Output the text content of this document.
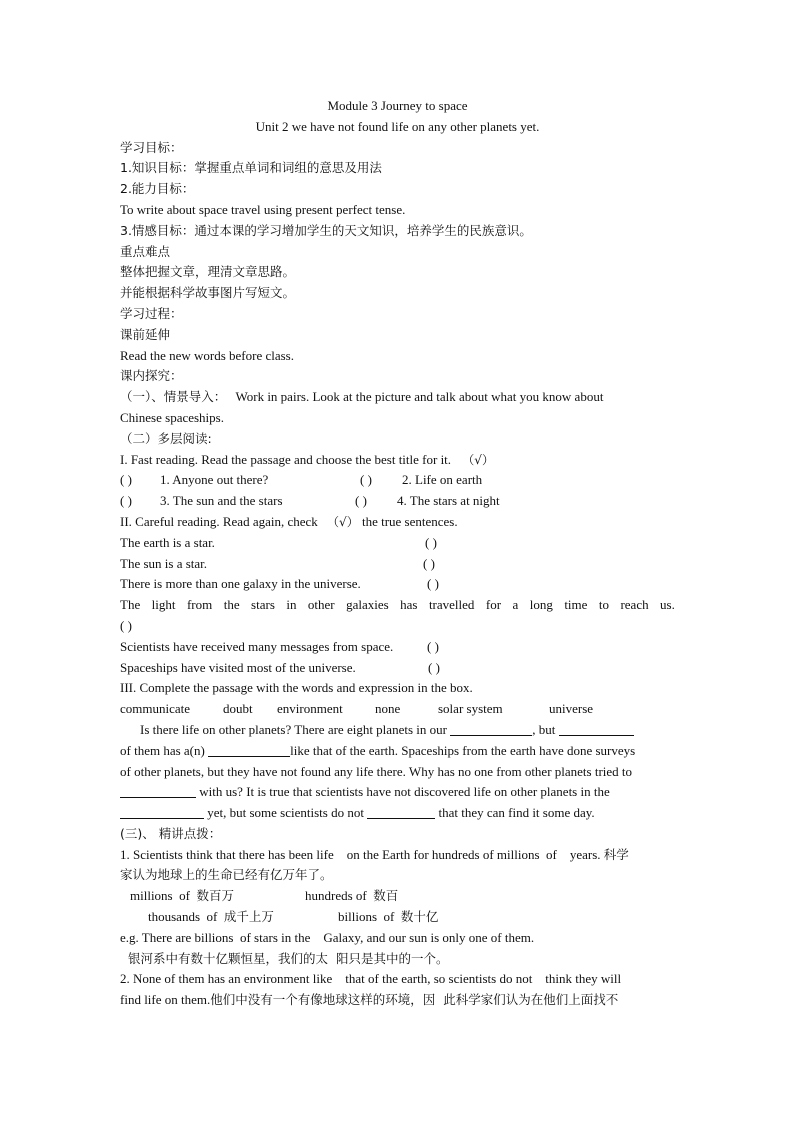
Module 3 Journey to space
Unit 2 we have not found life on any other planets yet.
学习目标：
1.知识目标：掌握重点单词和词组的意思及用法
2.能力目标：
To write about space travel using present perfect tense.
3.情感目标：通过本课的学习增加学生的天文知识，培养学生的民族意识。
重点难点
整体把握文章，理清文章思路。
并能根据科学故事图片写短文。
学习过程：
课前延伸
Read the new words before class.
课内探究：
（一）、情景导入： Work in pairs. Look at the picture and talk about what you know about
Chinese spaceships.
（二）多层阅读:
I. Fast reading. Read the passage and choose the best title for it. （√）
( ) 1. Anyone out there?	( ) 2. Life on earth
( ) 3. The sun and the stars	( ) 4. The stars at night
II. Careful reading. Read again, check （√） the true sentences.
The earth is a star.	( )
The sun is a star.	( )
There is more than one galaxy in the universe.	( )
The light from the stars in other galaxies has travelled for a long time to reach us.
( )
Scientists have received many messages from space.	( )
Spaceships have visited most of the universe.	( )
III. Complete the passage with the words and expression in the box.
communicate	doubt environment none	solar system	universe
Is there life on other planets? There are eight planets in our	, but
of them has a(n)	like that of the earth. Spaceships from the earth have done surveys
of other planets, but they have not found any life there. Why has no one from other planets tried to
with us? It is true that scientists have not discovered life on other planets in the
yet, but some scientists do not	that they can find it some day.
(三)、 精讲点拨：
1. Scientists think that there has been life    on the Earth for hundreds of millions  of    years. 科学
家认为地球上的生命已经有亿万年了。
millions  of  数百万	hundreds of  数百
thousands  of  成千上万	billions  of  数十亿
e.g. There are billions  of stars in the    Galaxy, and our sun is only one of them.
银河系中有数十亿颗恒星，我们的太  阳只是其中的一个。
2. None of them has an environment like    that of the earth, so scientists do not    think they will
find life on them.他们中没有一个有像地球这样的环境，因  此科学家们认为在他们上面找不
